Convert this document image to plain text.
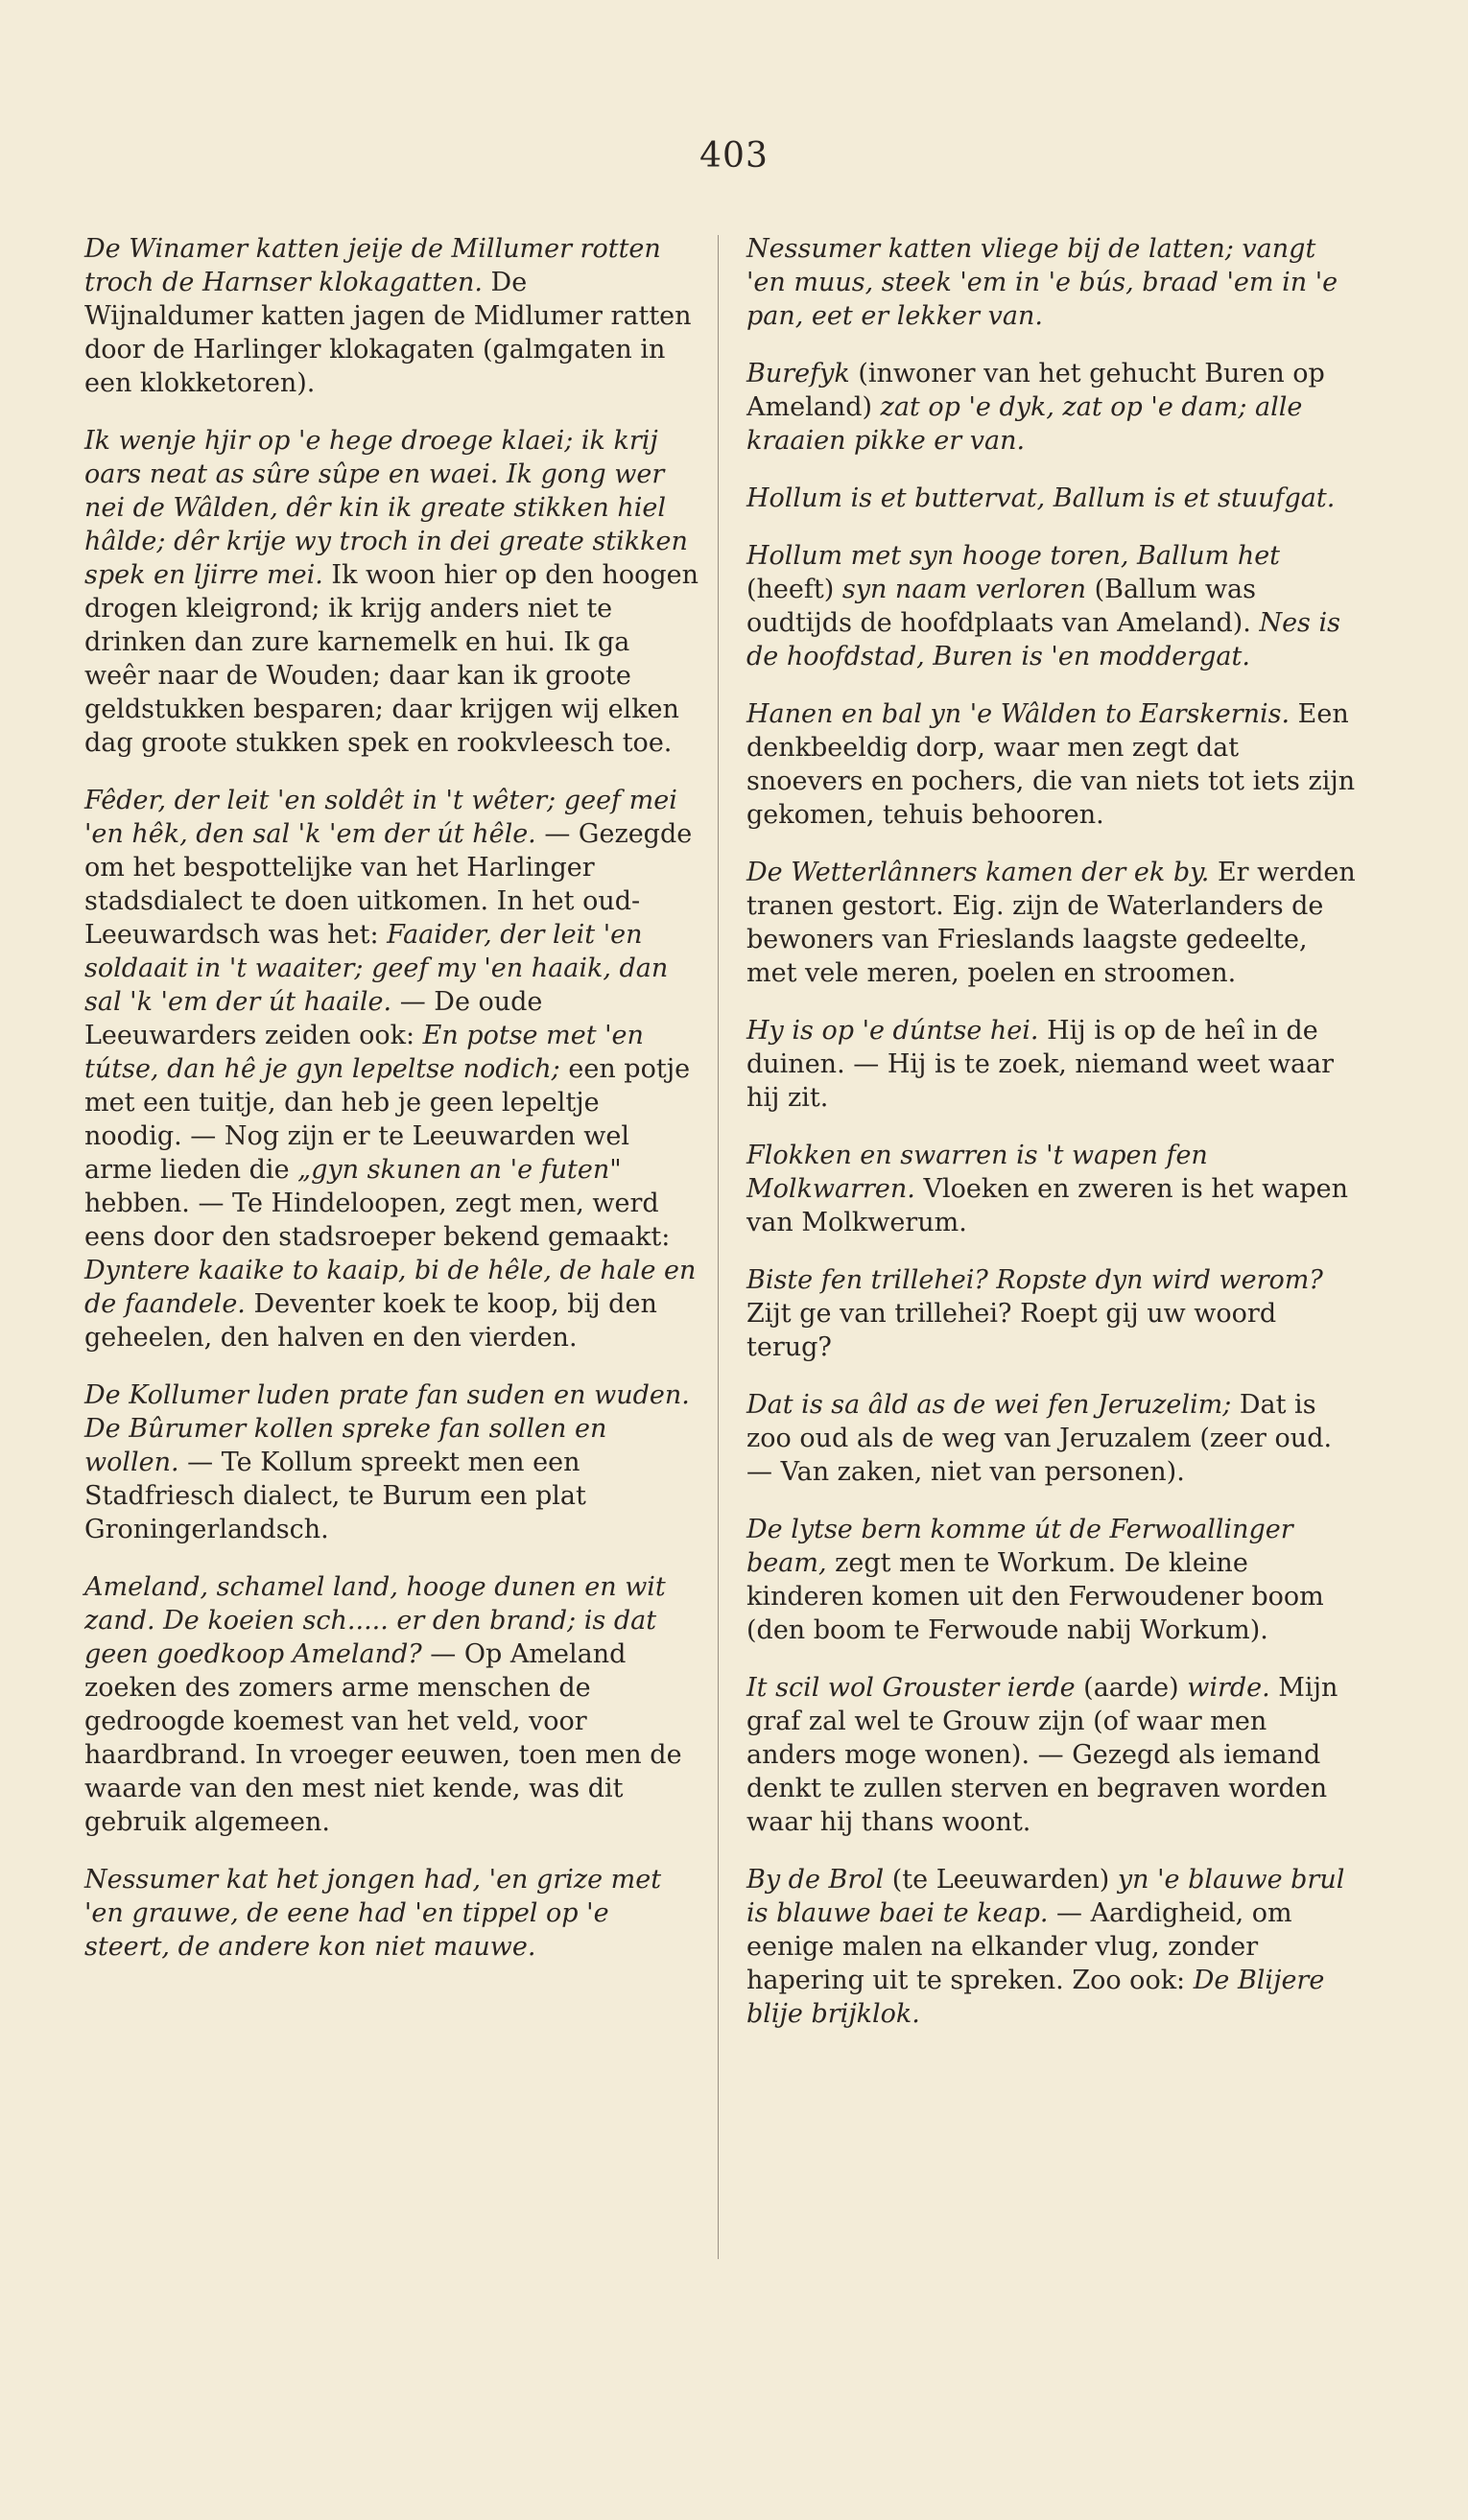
403

De Winamer katten jeije de Millumer rotten troch de Harnser klokagatten. De Wijnaldumer katten jagen de Midlumer ratten door de Harlinger klokagaten (galmgaten in een klokketoren).

Ik wenje hjir op 'e hege droege klaei; ik krij oars neat as sûre sûpe en waei. Ik gong wer nei de Wâlden, dêr kin ik greate stikken hiel hâlde; dêr krije wy troch in dei greate stikken spek en ljirre mei. Ik woon hier op den hoogen drogen kleigrond; ik krijg anders niet te drinken dan zure karnemelk en hui. Ik ga weêr naar de Wouden; daar kan ik groote geldstukken besparen; daar krijgen wij elken dag groote stukken spek en rookvleesch toe.

Fêder, der leit 'en soldêt in 't wêter; geef mei 'en hêk, den sal 'k 'em der út hêle. — Gezegde om het bespottelijke van het Harlinger stadsdialect te doen uitkomen. In het oud-Leeuwardsch was het: Faaider, der leit 'en soldaait in 't waaiter; geef my 'en haaik, dan sal 'k 'em der út haaile. — De oude Leeuwarders zeiden ook: En potse met 'en tútse, dan hê je gyn lepeltse nodich; een potje met een tuitje, dan heb je geen lepeltje noodig. — Nog zijn er te Leeuwarden wel arme lieden die „gyn skunen an 'e futen" hebben. — Te Hindeloopen, zegt men, werd eens door den stadsroeper bekend gemaakt: Dyntere kaaike to kaaip, bi de hêle, de hale en de faandele. Deventer koek te koop, bij den geheelen, den halven en den vierden.

De Kollumer luden prate fan suden en wuden. De Bûrumer kollen spreke fan sollen en wollen. — Te Kollum spreekt men een Stadfriesch dialect, te Burum een plat Groningerlandsch.

Ameland, schamel land, hooge dunen en wit zand. De koeien sch..... er den brand; is dat geen goedkoop Ameland? — Op Ameland zoeken des zomers arme menschen de gedroogde koemest van het veld, voor haardbrand. In vroeger eeuwen, toen men de waarde van den mest niet kende, was dit gebruik algemeen.

Nessumer kat het jongen had, 'en grize met 'en grauwe, de eene had 'en tippel op 'e steert, de andere kon niet mauwe.

Nessumer katten vliege bij de latten; vangt 'en muus, steek 'em in 'e bús, braad 'em in 'e pan, eet er lekker van.

Burefyk (inwoner van het gehucht Buren op Ameland) zat op 'e dyk, zat op 'e dam; alle kraaien pikke er van.

Hollum is et buttervat, Ballum is et stuufgat.

Hollum met syn hooge toren, Ballum het (heeft) syn naam verloren (Ballum was oudtijds de hoofdplaats van Ameland). Nes is de hoofdstad, Buren is 'en moddergat.

Hanen en bal yn 'e Wâlden to Earskernis. Een denkbeeldig dorp, waar men zegt dat snoevers en pochers, die van niets tot iets zijn gekomen, tehuis behooren.

De Wetterlânners kamen der ek by. Er werden tranen gestort. Eig. zijn de Waterlanders de bewoners van Frieslands laagste gedeelte, met vele meren, poelen en stroomen.

Hy is op 'e dúntse hei. Hij is op de heî in de duinen. — Hij is te zoek, niemand weet waar hij zit.

Flokken en swarren is 't wapen fen Molkwarren. Vloeken en zweren is het wapen van Molkwerum.

Biste fen trillehei? Ropste dyn wird werom? Zijt ge van trillehei? Roept gij uw woord terug?

Dat is sa âld as de wei fen Jeruzelim; Dat is zoo oud als de weg van Jeruzalem (zeer oud. — Van zaken, niet van personen).

De lytse bern komme út de Ferwoallinger beam, zegt men te Workum. De kleine kinderen komen uit den Ferwoudener boom (den boom te Ferwoude nabij Workum).

It scil wol Grouster ierde (aarde) wirde. Mijn graf zal wel te Grouw zijn (of waar men anders moge wonen). — Gezegd als iemand denkt te zullen sterven en begraven worden waar hij thans woont.

By de Brol (te Leeuwarden) yn 'e blauwe brul is blauwe baei te keap. — Aardigheid, om eenige malen na elkander vlug, zonder hapering uit te spreken. Zoo ook: De Blijere blije brijklok.
